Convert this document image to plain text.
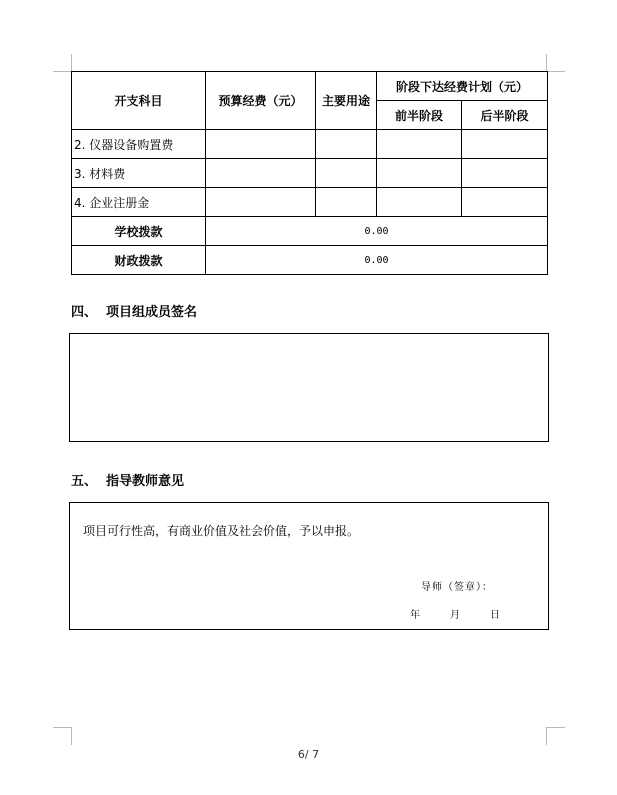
开支科目	预算经费（元）	主要用途	阶段下达经费计划（元）	
			前半阶段	后半阶段
2. 仪器设备购置费				
3. 材料费				
4. 企业注册金				
学校拨款	0.00			
财政拨款	0.00			
四、  项目组成员签名
五、  指导教师意见
项目可行性高，有商业价值及社会价值，予以申报。
导师（签章）：
年	月	日
6/ 7
